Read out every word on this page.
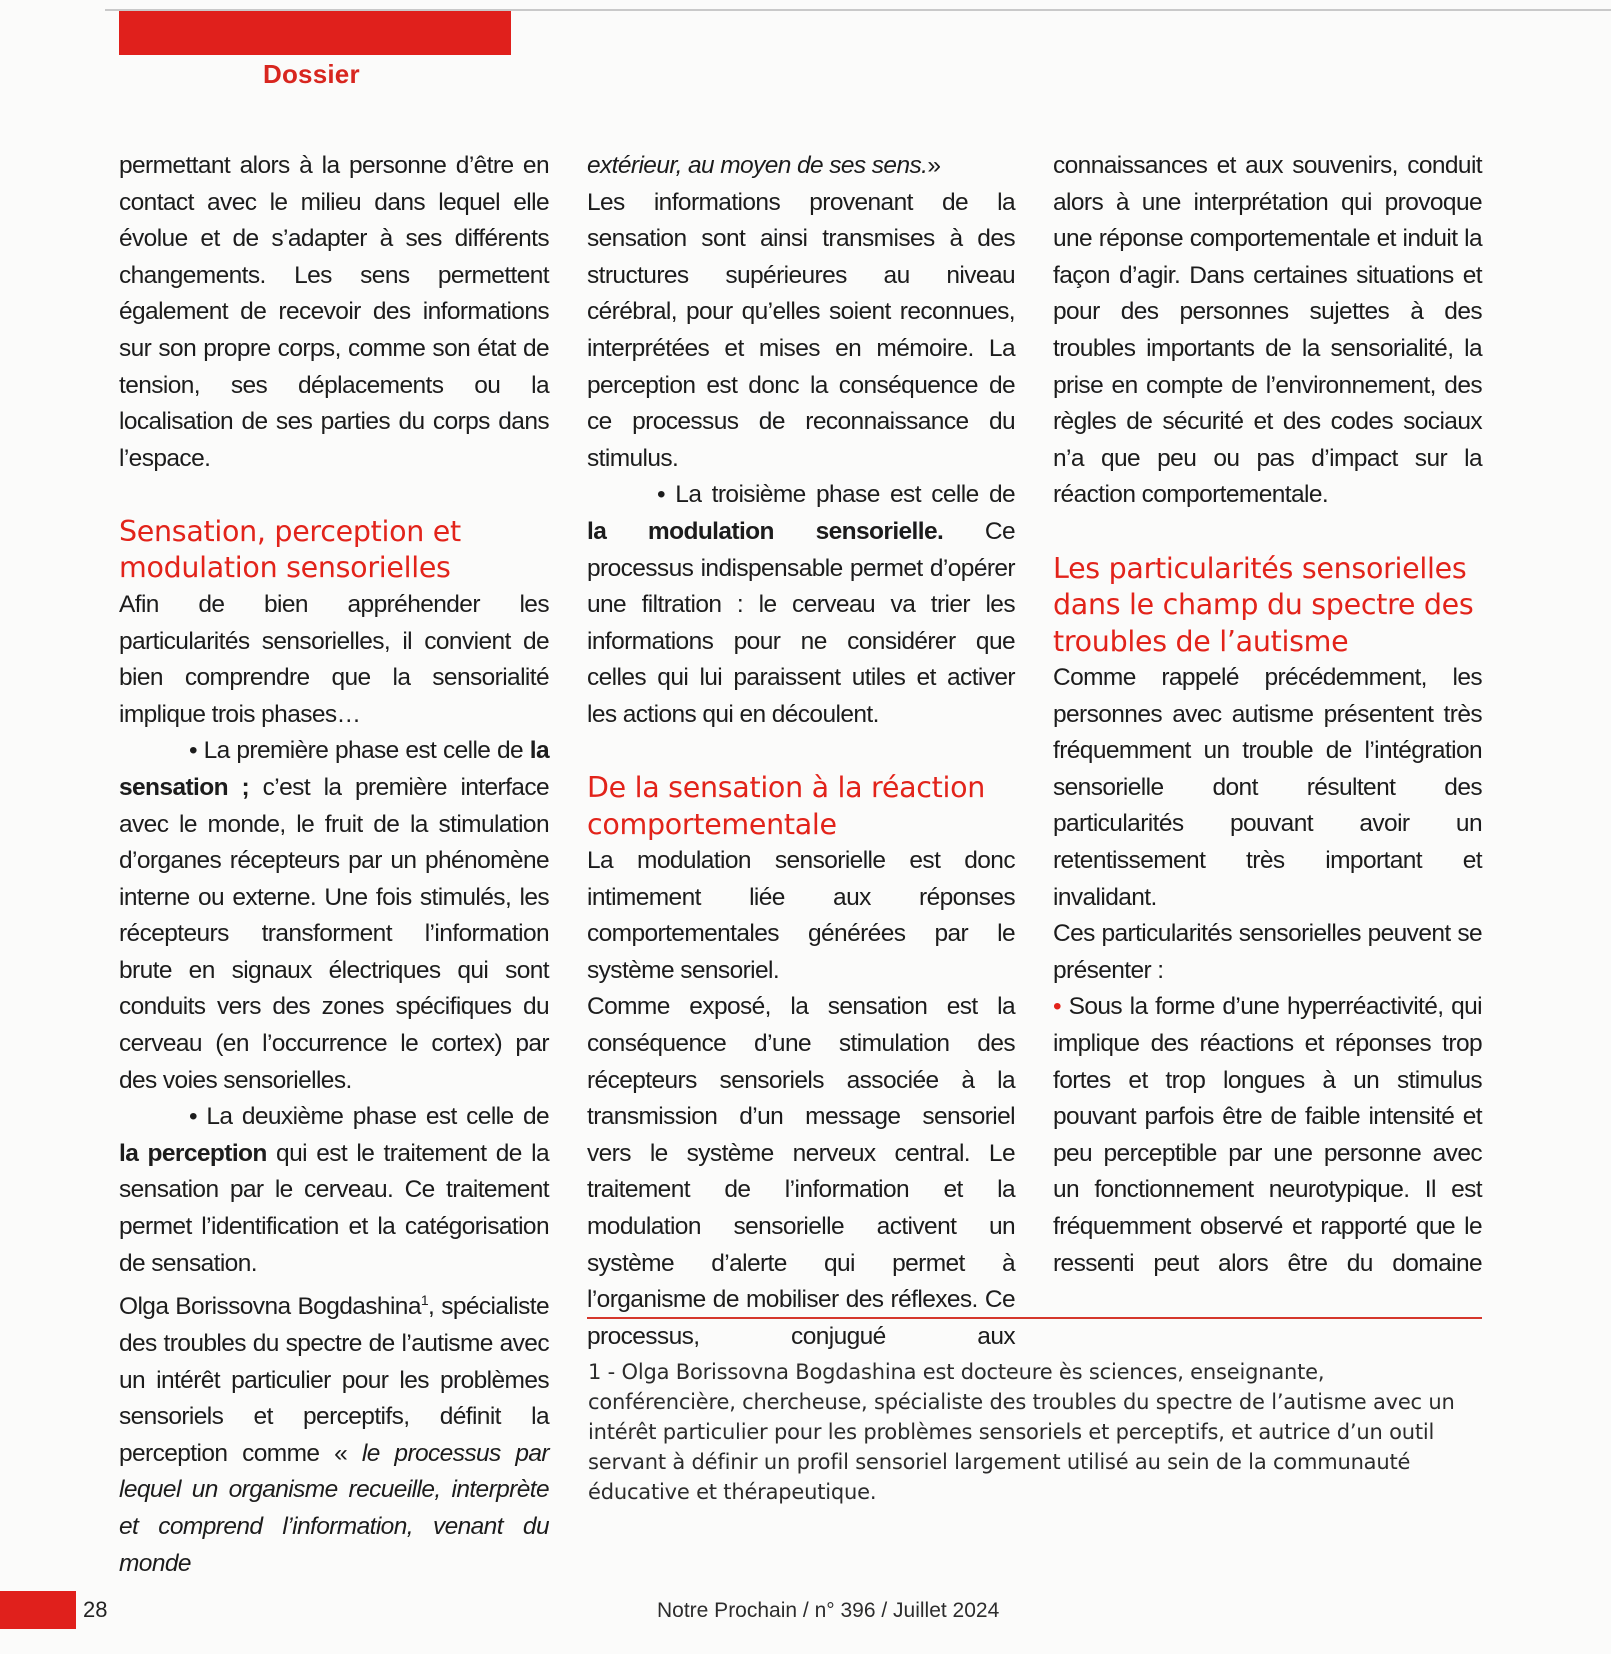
Dossier

permettant alors à la personne d’être en contact avec le milieu dans lequel elle évolue et de s’adapter à ses différents changements. Les sens permettent également de recevoir des informations sur son propre corps, comme son état de tension, ses déplacements ou la localisation de ses parties du corps dans l’espace.

Sensation, perception et modulation sensorielles

Afin de bien appréhender les particularités sensorielles, il convient de bien comprendre que la sensorialité implique trois phases…

• La première phase est celle de la sensation ; c’est la première interface avec le monde, le fruit de la stimulation d’organes récepteurs par un phénomène interne ou externe. Une fois stimulés, les récepteurs transforment l’information brute en signaux électriques qui sont conduits vers des zones spécifiques du cerveau (en l’occurrence le cortex) par des voies sensorielles.

• La deuxième phase est celle de la perception qui est le traitement de la sensation par le cerveau. Ce traitement permet l’identification et la catégorisation de sensation.

Olga Borissovna Bogdashina$^1$, spécialiste des troubles du spectre de l’autisme avec un intérêt particulier pour les problèmes sensoriels et perceptifs, définit la perception comme « le processus par lequel un organisme recueille, interprète et comprend l’information, venant du monde

extérieur, au moyen de ses sens.»

Les informations provenant de la sensation sont ainsi transmises à des structures supérieures au niveau cérébral, pour qu’elles soient reconnues, interprétées et mises en mémoire. La perception est donc la conséquence de ce processus de reconnaissance du stimulus.

• La troisième phase est celle de la modulation sensorielle. Ce processus indispensable permet d’opérer une filtration : le cerveau va trier les informations pour ne considérer que celles qui lui paraissent utiles et activer les actions qui en découlent.

De la sensation à la réaction comportementale

La modulation sensorielle est donc intimement liée aux réponses comportementales générées par le système sensoriel.

Comme exposé, la sensation est la conséquence d’une stimulation des récepteurs sensoriels associée à la transmission d’un message sensoriel vers le système nerveux central. Le traitement de l’information et la modulation sensorielle activent un système d’alerte qui permet à l’organisme de mobiliser des réflexes. Ce processus, conjugué aux

connaissances et aux souvenirs, conduit alors à une interprétation qui provoque une réponse comportementale et induit la façon d’agir. Dans certaines situations et pour des personnes sujettes à des troubles importants de la sensorialité, la prise en compte de l’environnement, des règles de sécurité et des codes sociaux n’a que peu ou pas d’impact sur la réaction comportementale.

Les particularités sensorielles dans le champ du spectre des troubles de l’autisme

Comme rappelé précédemment, les personnes avec autisme présentent très fréquemment un trouble de l’intégration sensorielle dont résultent des particularités pouvant avoir un retentissement très important et invalidant.

Ces particularités sensorielles peuvent se présenter :

• Sous la forme d’une hyperréactivité, qui implique des réactions et réponses trop fortes et trop longues à un stimulus pouvant parfois être de faible intensité et peu perceptible par une personne avec un fonctionnement neurotypique. Il est fréquemment observé et rapporté que le ressenti peut alors être du domaine

1 - Olga Borissovna Bogdashina est docteure ès sciences, enseignante, conférencière, chercheuse, spécialiste des troubles du spectre de l’autisme avec un intérêt particulier pour les problèmes sensoriels et perceptifs, et autrice d’un outil servant à définir un profil sensoriel largement utilisé au sein de la communauté éducative et thérapeutique.

28	Notre Prochain / n° 396 / Juillet 2024
